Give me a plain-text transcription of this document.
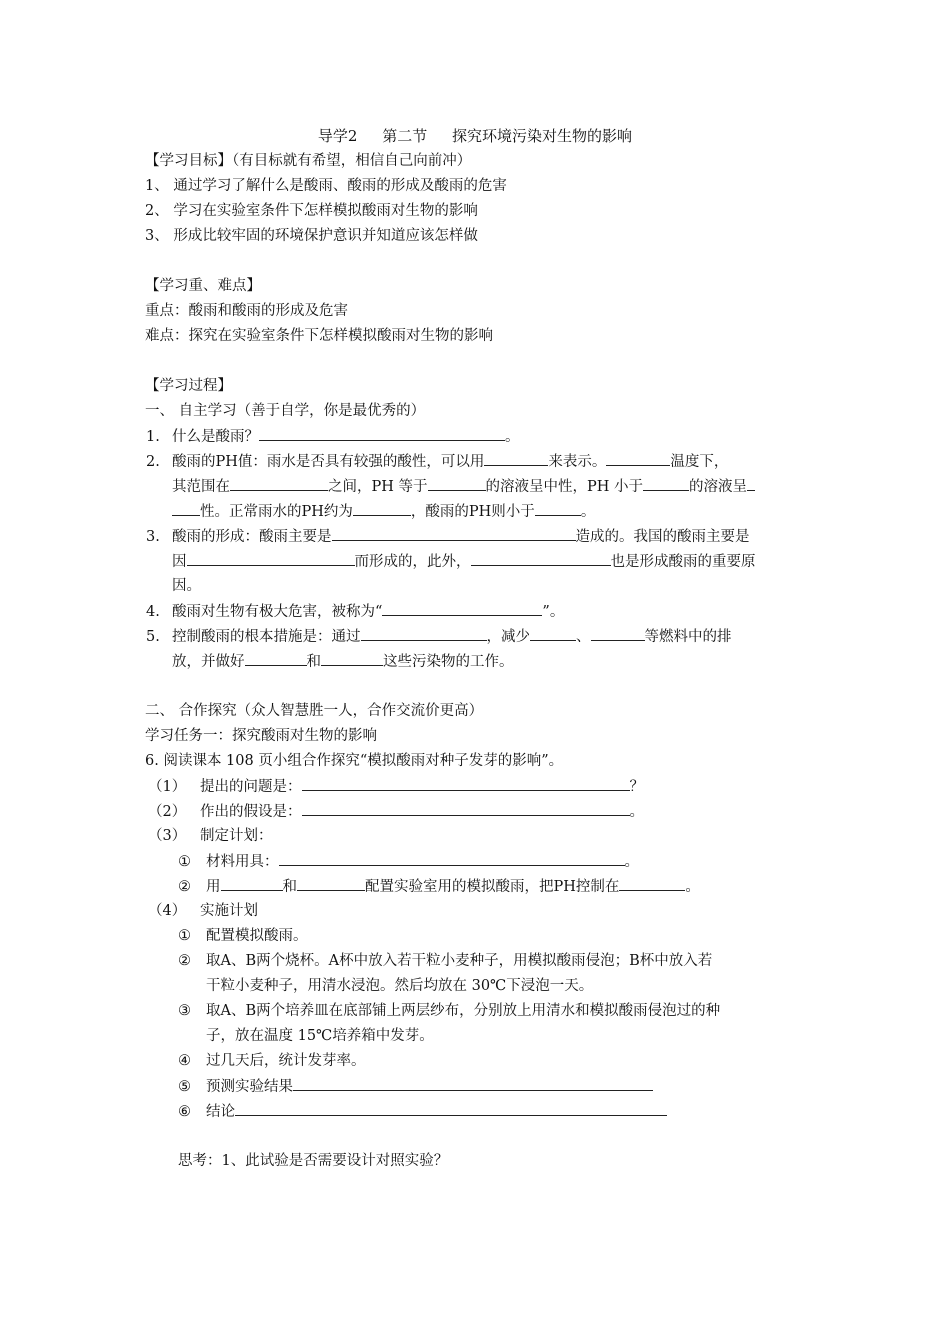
导学2 第二节 探究环境污染对生物的影响
【学习目标】（有目标就有希望，相信自己向前冲）
1、 通过学习了解什么是酸雨、酸雨的形成及酸雨的危害
2、 学习在实验室条件下怎样模拟酸雨对生物的影响
3、 形成比较牢固的环境保护意识并知道应该怎样做
【学习重、难点】
重点：酸雨和酸雨的形成及危害
难点：探究在实验室条件下怎样模拟酸雨对生物的影响
【学习过程】
一、 自主学习（善于自学，你是最优秀的）
1. 什么是酸雨？	。
2. 酸雨的PH值：雨水是否具有较强的酸性，可以用	来表示。	温度下，
其范围在	之间，PH 等于	的溶液呈中性，PH 小于	的溶液呈
性。正常雨水的PH约为	，酸雨的PH则小于	。
3. 酸雨的形成：酸雨主要是	造成的。我国的酸雨主要是
因	而形成的，此外，	也是形成酸雨的重要原
因。
4. 酸雨对生物有极大危害，被称为“	”。
5. 控制酸雨的根本措施是：通过	，减少	、	等燃料中的排
放，并做好	和	这些污染物的工作。
二、 合作探究（众人智慧胜一人，合作交流价更高）
学习任务一：探究酸雨对生物的影响
6. 阅读课本 108 页小组合作探究“模拟酸雨对种子发芽的影响”。
（1） 提出的问题是：	？
（2） 作出的假设是：	。
（3） 制定计划：
① 材料用具：	。
② 用	和	配置实验室用的模拟酸雨，把PH控制在	。
（4） 实施计划
① 配置模拟酸雨。
② 取A、B两个烧杯。A杯中放入若干粒小麦种子，用模拟酸雨侵泡；B杯中放入若
干粒小麦种子，用清水浸泡。然后均放在 30℃下浸泡一天。
③ 取A、B两个培养皿在底部铺上两层纱布，分别放上用清水和模拟酸雨侵泡过的种
子，放在温度 15℃培养箱中发芽。
④ 过几天后，统计发芽率。
⑤ 预测实验结果
⑥ 结论
思考：1、此试验是否需要设计对照实验？
